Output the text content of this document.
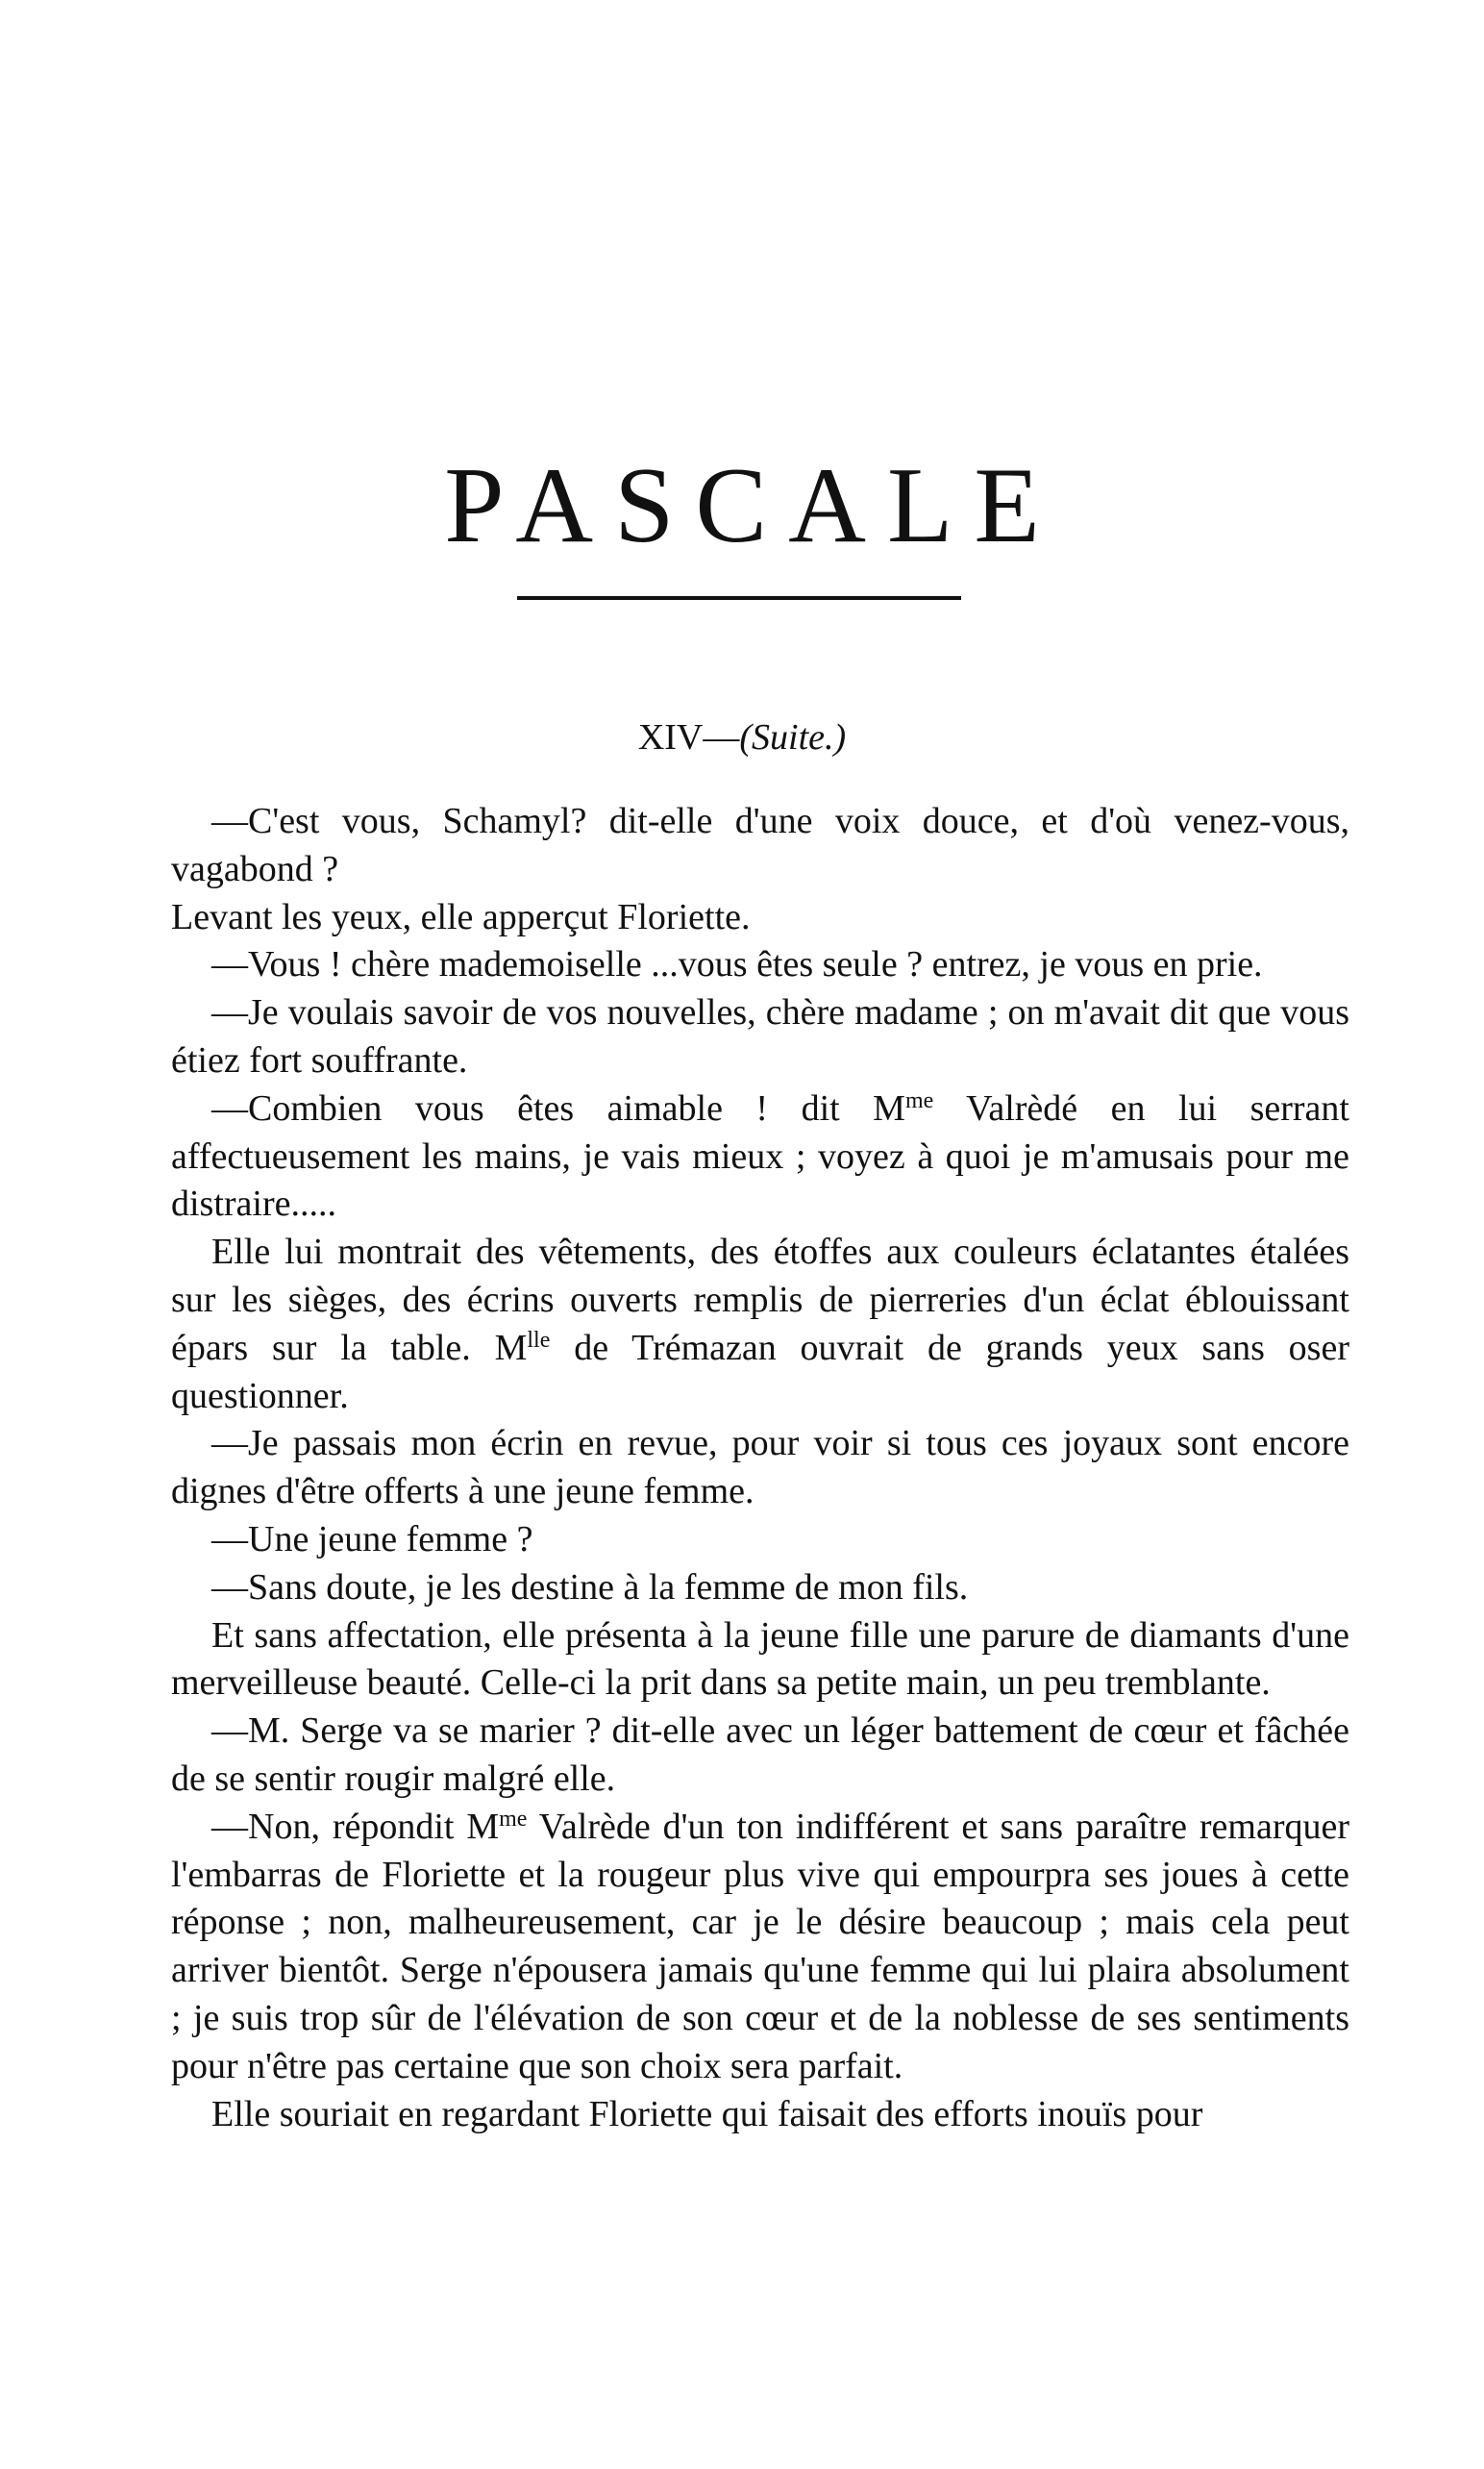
PASCALE
XIV—(Suite.)

—C'est vous, Schamyl? dit-elle d'une voix douce, et d'où venez-vous, vagabond ?

Levant les yeux, elle apperçut Floriette.

—Vous ! chère mademoiselle ...vous êtes seule ? entrez, je vous en prie.

—Je voulais savoir de vos nouvelles, chère madame ; on m'avait dit que vous étiez fort souffrante.

—Combien vous êtes aimable ! dit $M^{me}$ Valrèdé en lui serrant affectueusement les mains, je vais mieux ; voyez à quoi je m'amusais pour me distraire.....

Elle lui montrait des vêtements, des étoffes aux couleurs éclatantes étalées sur les sièges, des écrins ouverts remplis de pierreries d'un éclat éblouissant épars sur la table. $M^{lle}$ de Trémazan ouvrait de grands yeux sans oser questionner.

—Je passais mon écrin en revue, pour voir si tous ces joyaux sont encore dignes d'être offerts à une jeune femme.

—Une jeune femme ?

—Sans doute, je les destine à la femme de mon fils.

Et sans affectation, elle présenta à la jeune fille une parure de diamants d'une merveilleuse beauté. Celle-ci la prit dans sa petite main, un peu tremblante.

—M. Serge va se marier ? dit-elle avec un léger battement de cœur et fâchée de se sentir rougir malgré elle.

—Non, répondit $M^{me}$ Valrède d'un ton indifférent et sans paraître remarquer l'embarras de Floriette et la rougeur plus vive qui empourpra ses joues à cette réponse ; non, malheureusement, car je le désire beaucoup ; mais cela peut arriver bientôt. Serge n'épousera jamais qu'une femme qui lui plaira absolument ; je suis trop sûr de l'élévation de son cœur et de la noblesse de ses sentiments pour n'être pas certaine que son choix sera parfait.

Elle souriait en regardant Floriette qui faisait des efforts inouïs pour
